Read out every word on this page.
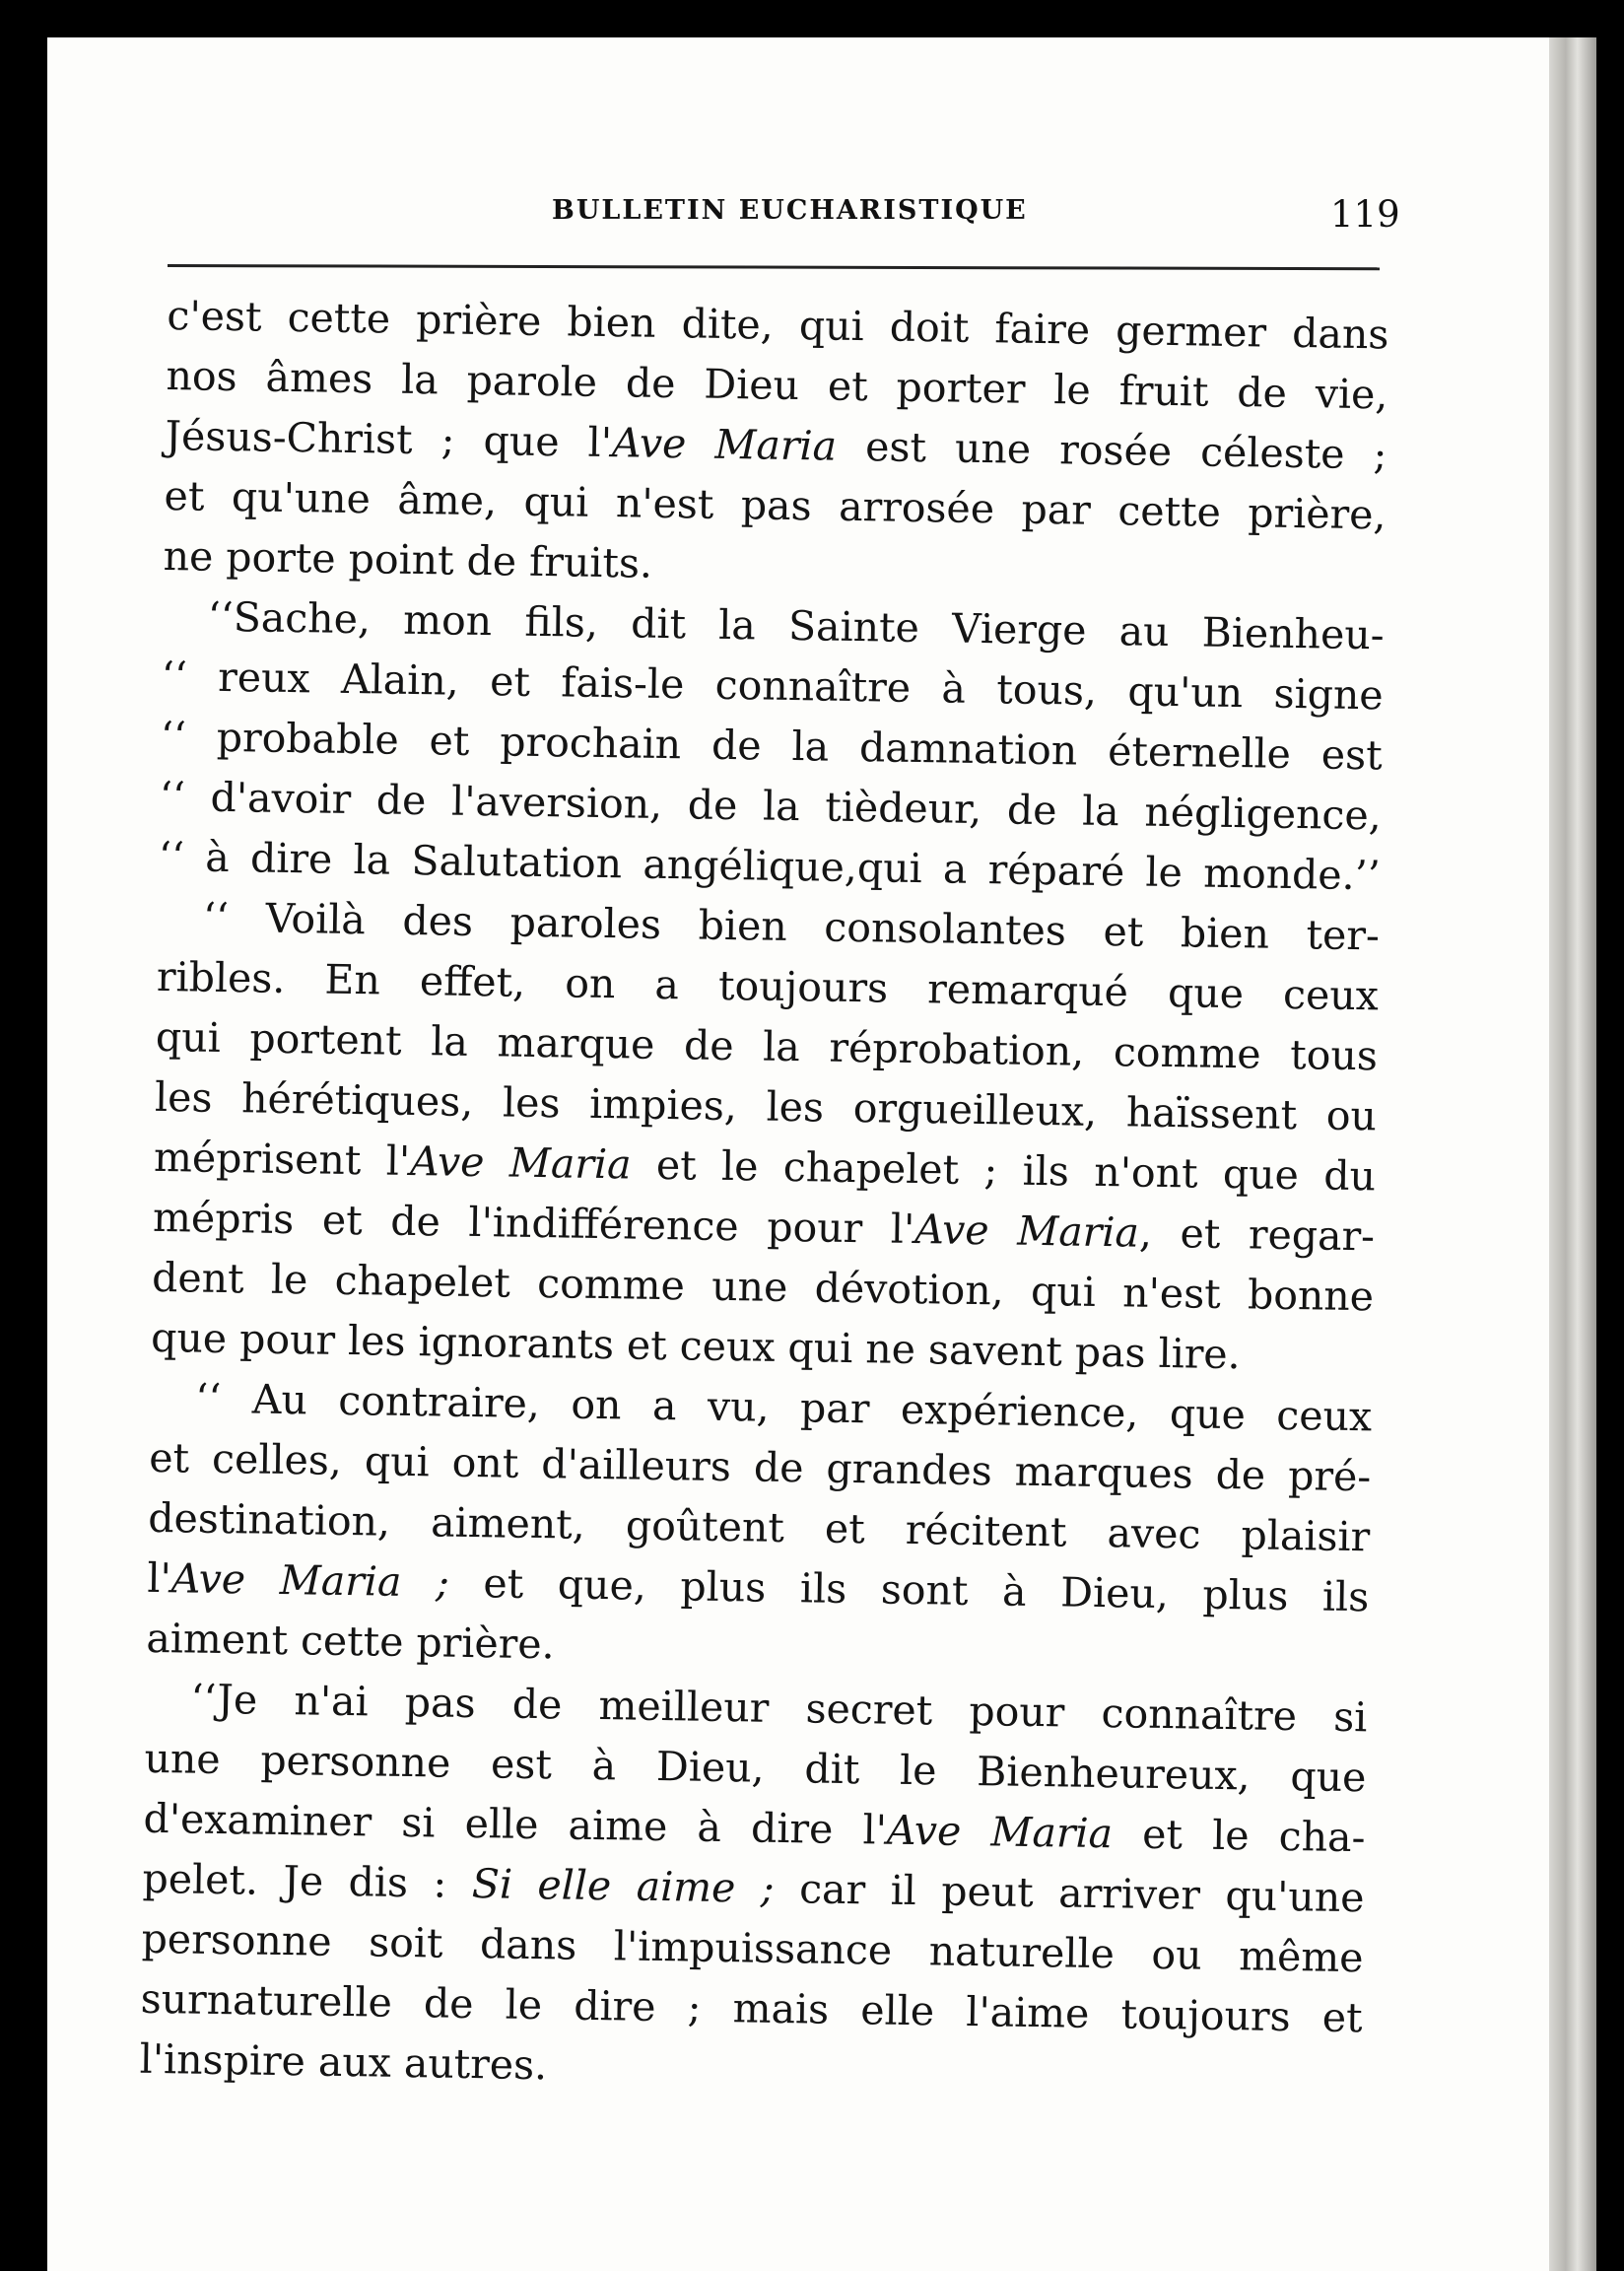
BULLETIN EUCHARISTIQUE	119
c'est cette prière bien dite, qui doit faire germer dans
nos âmes la parole de Dieu et porter le fruit de vie,
Jésus-Christ ; que l'Ave Maria est une rosée céleste ;
et qu'une âme, qui n'est pas arrosée par cette prière,
ne porte point de fruits.
‘‘Sache, mon fils, dit la Sainte Vierge au Bienheu-
‘‘ reux Alain, et fais-le connaître à tous, qu'un signe
‘‘ probable et prochain de la damnation éternelle est
‘‘ d'avoir de l'aversion, de la tièdeur, de la négligence,
‘‘ à dire la Salutation angélique,qui a réparé le monde.’’
‘‘ Voilà des paroles bien consolantes et bien ter-
ribles. En effet, on a toujours remarqué que ceux
qui portent la marque de la réprobation, comme tous
les hérétiques, les impies, les orgueilleux, haïssent ou
méprisent l'Ave Maria et le chapelet ; ils n'ont que du
mépris et de l'indifférence pour l'Ave Maria, et regar-
dent le chapelet comme une dévotion, qui n'est bonne
que pour les ignorants et ceux qui ne savent pas lire.
‘‘ Au contraire, on a vu, par expérience, que ceux
et celles, qui ont d'ailleurs de grandes marques de pré-
destination, aiment, goûtent et récitent avec plaisir
l'Ave Maria ; et que, plus ils sont à Dieu, plus ils
aiment cette prière.
‘‘Je n'ai pas de meilleur secret pour connaître si
une personne est à Dieu, dit le Bienheureux, que
d'examiner si elle aime à dire l'Ave Maria et le cha-
pelet. Je dis : Si elle aime ; car il peut arriver qu'une
personne soit dans l'impuissance naturelle ou même
surnaturelle de le dire ; mais elle l'aime toujours et
l'inspire aux autres.
